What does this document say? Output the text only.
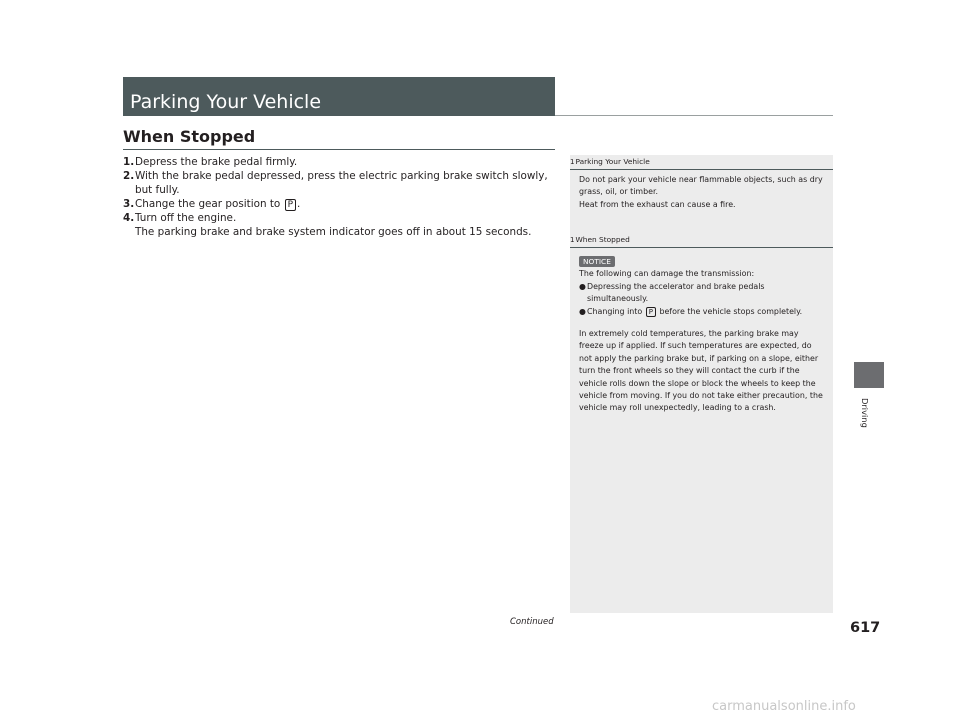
Parking Your Vehicle
When Stopped

1. Depress the brake pedal firmly.

2. With the brake pedal depressed, press the electric parking brake switch slowly, but fully.

3. Change the gear position to P .

4. Turn off the engine.
The parking brake and brake system indicator goes off in about 15 seconds.

1Parking Your Vehicle

Do not park your vehicle near flammable objects, such as dry grass, oil, or timber.

Heat from the exhaust can cause a fire.

1When Stopped
NOTICE

The following can damage the transmission:

● Depressing the accelerator and brake pedals simultaneously.

● Changing into P before the vehicle stops completely.

In extremely cold temperatures, the parking brake may freeze up if applied. If such temperatures are expected, do not apply the parking brake but, if parking on a slope, either turn the front wheels so they will contact the curb if the vehicle rolls down the slope or block the wheels to keep the vehicle from moving. If you do not take either precaution, the vehicle may roll unexpectedly, leading to a crash.

Continued	617
Driving
carmanualsonline.info
